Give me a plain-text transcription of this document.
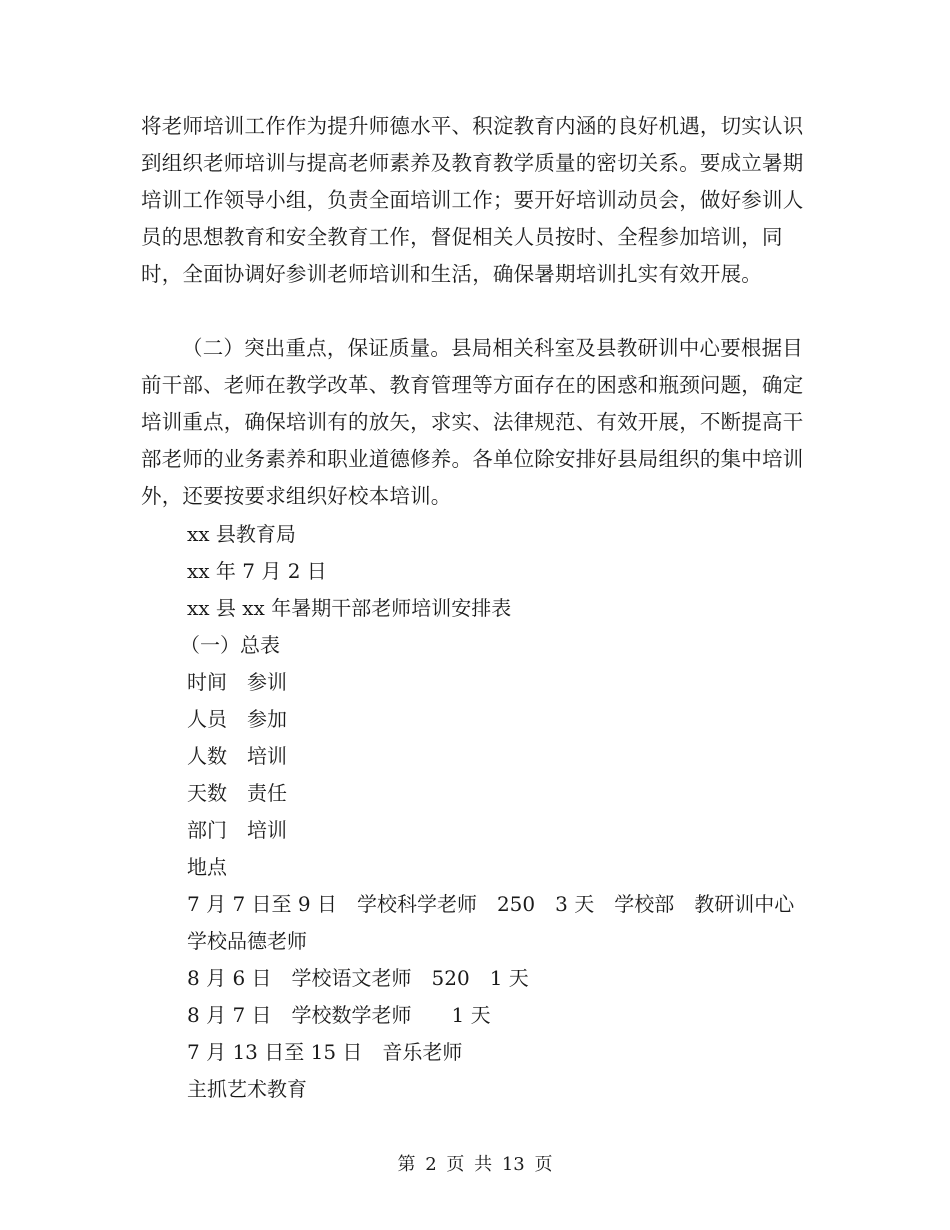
将老师培训工作作为提升师德水平、积淀教育内涵的良好机遇，切实认识到组织老师培训与提高老师素养及教育教学质量的密切关系。要成立暑期培训工作领导小组，负责全面培训工作；要开好培训动员会，做好参训人员的思想教育和安全教育工作，督促相关人员按时、全程参加培训，同时，全面协调好参训老师培训和生活，确保暑期培训扎实有效开展。

（二）突出重点，保证质量。县局相关科室及县教研训中心要根据目前干部、老师在教学改革、教育管理等方面存在的困惑和瓶颈问题，确定培训重点，确保培训有的放矢，求实、法律规范、有效开展，不断提高干部老师的业务素养和职业道德修养。各单位除安排好县局组织的集中培训外，还要按要求组织好校本培训。

xx 县教育局

xx 年 7 月 2 日

xx 县 xx 年暑期干部老师培训安排表

（一）总表

时间　参训

人员　参加

人数　培训

天数　责任

部门　培训

地点

7 月 7 日至 9 日　学校科学老师　250　3 天　学校部　教研训中心

学校品德老师

8 月 6 日　学校语文老师　520　1 天

8 月 7 日　学校数学老师　　1 天

7 月 13 日至 15 日　音乐老师

主抓艺术教育

第 2 页 共 13 页
